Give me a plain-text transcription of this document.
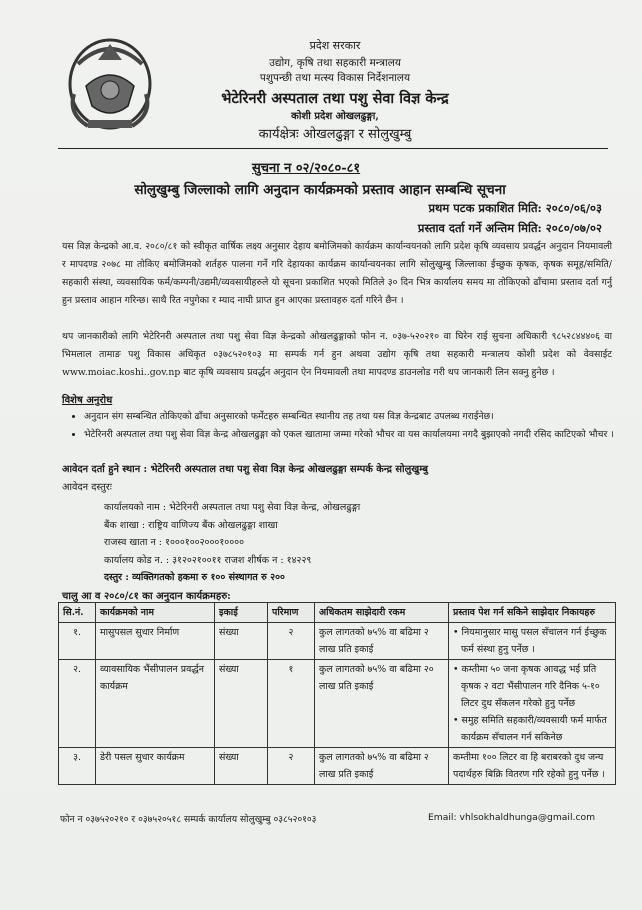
प्रदेश सरकार
उद्योग, कृषि तथा सहकारी मन्त्रालय
पशुपन्छी तथा मत्स्य विकास निर्देशनालय
भेटेरिनरी अस्पताल तथा पशु सेवा विज्ञ केन्द्र
कोशी प्रदेश ओखलढुङ्गा,
कार्यक्षेत्रः ओखलढुङ्गा र सोलुखुम्बु
सुचना न ०२/२०८०-८१
सोलुखुम्बु जिल्लाको लागि अनुदान कार्यक्रमको प्रस्ताव आहान सम्बन्धि सूचना
प्रथम पटक प्रकाशित मिति: २०८०/०६/०३
प्रस्ताव दर्ता गर्ने अन्तिम मिति: २०८०/०७/०२

यस विज्ञ केन्द्रको आ.व. २०८०/८१ को स्वीकृत वार्षिक लक्ष्य अनुसार देहाय बमोजिमको कार्यक्रम कार्यान्वयनको लागि प्रदेश कृषि व्यवसाय प्रवर्द्धन अनुदान नियमावली र मापदण्ड २०७८ मा तोकिए बमोजिमको शर्तहरु पालना गर्ने गरि देहायका कार्यक्रम कार्यान्वयनका लागि सोलुखुम्बु जिल्लाका ईच्छुक कृषक, कृषक समूह/समिति/सहकारी संस्था, व्यवसायिक फर्म/कम्पनी/उद्यमी/व्यवसायीहरुले यो सूचना प्रकाशित भएको मितिले ३० दिन भित्र कार्यालय समय मा तोकिएको ढाँचामा प्रस्ताव दर्ता गर्नु हुन प्रस्ताव आहान गरिन्छ। साथै रित नपुगेका र म्याद नाघी प्राप्त हुन आएका प्रस्तावहरु दर्ता गरिने छैन ।

थप जानकारीको लागि भेटेरिनरी अस्पताल तथा पशु सेवा विज्ञ केन्द्रको ओखलढुङ्गाको फोन न. ०३७-५२०२१० वा घिरेन राई सुचना अधिकारी ९८५२८४४४०६ वा भिमलाल तामाङ पशु विकास अधिकृत ०३७८५२०१०३ मा सम्पर्क गर्न हुन अथवा उद्योग कृषि तथा सहकारी मन्त्रालय कोशी प्रदेश को वेवसाईट www.moiac.koshi..gov.np बाट कृषि व्यवसाय प्रवर्द्धन अनुदान ऐन नियमावली तथा मापदण्ड डाउनलोड गरी थप जानकारी लिन सक्नु हुनेछ ।

विशेष अनुरोध
• अनुदान संग सम्बन्धित तोकिएको ढाँचा अनुसारको फर्मेटहरु सम्बन्धित स्थानीय तह तथा यस विज्ञ केन्द्रबाट उपलब्ध गराईनेछ।
• भेटेरिनरी अस्पताल तथा पशु सेवा विज्ञ केन्द्र ओखलढुङ्गा को एकल खातामा जम्मा गरेको भौचर वा यस कार्यालयमा नगदै बुझाएको नगदी रसिद काटिएको भौचर ।
आवेदन दर्ता हुने स्थान : भेटेरिनरी अस्पताल तथा पशु सेवा विज्ञ केन्द्र ओखलढुङ्गा सम्पर्क केन्द्र सोलुखुम्बु
आवेदन दस्तुरः
कार्यालयको नाम : भेटेरिनरी अस्पताल तथा पशु सेवा विज्ञ केन्द्र, ओखलढुङ्गा
बैंक शाखा : राष्ट्रिय वाणिज्य बैंक ओखलढुङ्गा शाखा
राजस्व खाता न : १०००१००२०००१००००
कार्यालय कोड न. : ३१२०२१००११ राजश शीर्षक न : १४२२९
दस्तुर : व्यक्तिगतको हकमा रु १०० संस्थागत रु २००
चालु आ व २०८०/८१ का अनुदान कार्यक्रमहरु:
सि.नं.	कार्यक्रमको नाम	इकाई	परिमाण	अधिकतम साझेदारी रकम	प्रस्ताव पेश गर्न सकिने साझेदार निकायहरु
१.	मासुपसल सुधार निर्माण	संख्या	२	कुल लागतको ७५% वा बढिमा २ लाख प्रति इकाई	• नियमानुसार मासु पसल सँचालन गर्न ईच्छुक फर्म संस्था हुनु पर्नेछ ।

२.	व्यावसायिक भैंसीपालन प्रवर्द्धन कार्यक्रम	संख्या	१	कुल लागतको ७५% वा बढिमा २० लाख प्रति इकाई	• कम्तीमा ५० जना कृषक आवद्ध भई प्रति कृषक २ वटा भैंसीपालन गरि दैनिक ५-१० लिटर दुध सँकलन गरेको हुनु पर्नेछ
• समुह समिति सहकारी/व्यवसायी फर्म मार्फत कार्यक्रम सँचालन गर्न सकिनेछ

३.	डेरी पसल सुधार कार्यक्रम	संख्या	२	कुल लागतको ७५% वा बढिमा २ लाख प्रति इकाई	कम्तीमा १०० लिटर वा हि बराबरको दुध जन्य पदार्थहरु बिक्रि वितरण गरि रहेको हुनु पर्नेछ ।
फोन न ०३७५२०२१० र ०३७५२०५१८ सम्पर्क कार्यालय सोलुखुम्बु ०३८५२०१०३	Email: vhlsokhaldhunga@gmail.com
